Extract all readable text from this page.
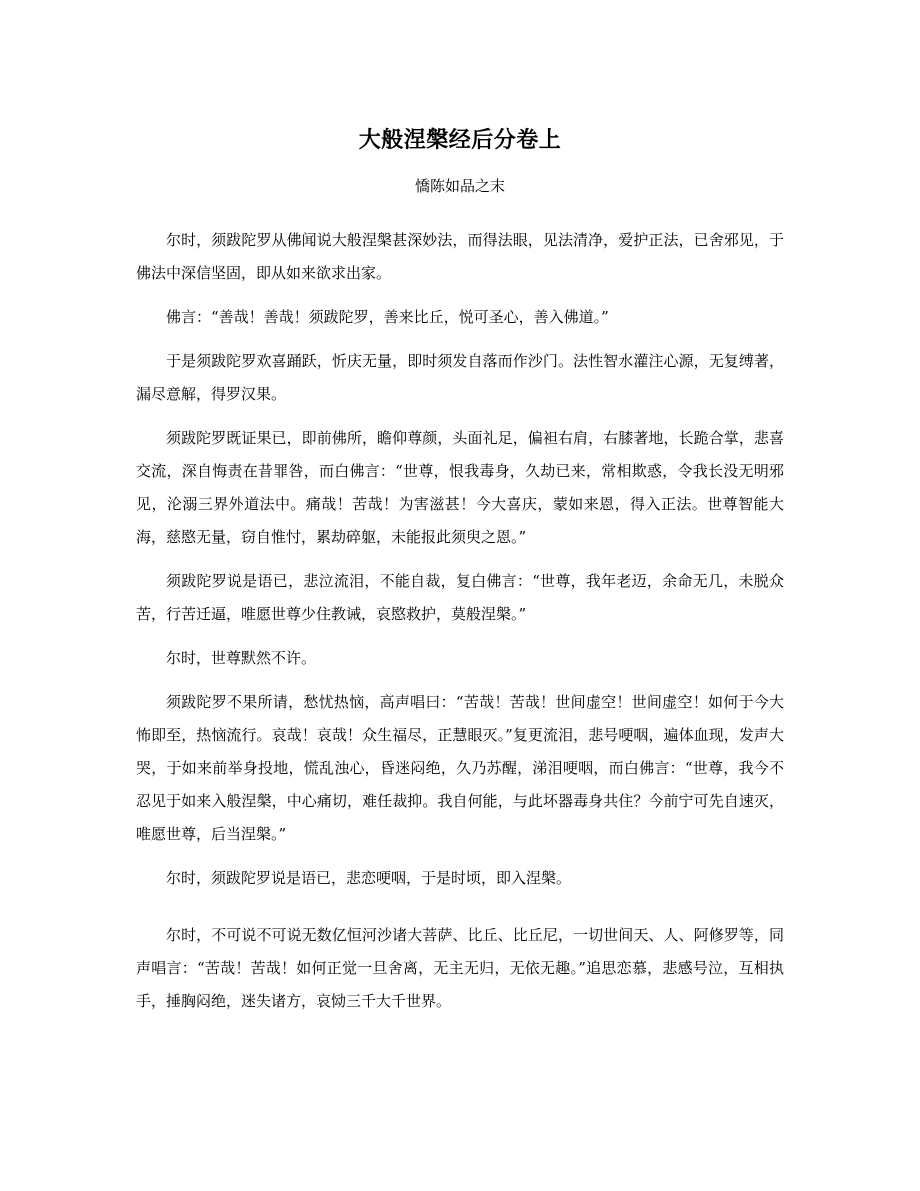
大般涅槃经后分卷上
憍陈如品之末

尔时，须跋陀罗从佛闻说大般涅槃甚深妙法，而得法眼，见法清净，爱护正法，已舍邪见，于佛法中深信坚固，即从如来欲求出家。

佛言：“善哉！善哉！须跋陀罗，善来比丘，悦可圣心，善入佛道。”

于是须跋陀罗欢喜踊跃，忻庆无量，即时须发自落而作沙门。法性智水灌注心源，无复缚著，漏尽意解，得罗汉果。

须跋陀罗既证果已，即前佛所，瞻仰尊颜，头面礼足，偏袒右肩，右膝著地，长跪合掌，悲喜交流，深自悔责在昔罪咎，而白佛言：“世尊，恨我毒身，久劫已来，常相欺惑，令我长没无明邪见，沦溺三界外道法中。痛哉！苦哉！为害滋甚！今大喜庆，蒙如来恩，得入正法。世尊智能大海，慈愍无量，窃自惟忖，累劫碎躯，未能报此须臾之恩。”

须跋陀罗说是语已，悲泣流泪，不能自裁，复白佛言：“世尊，我年老迈，余命无几，未脱众苦，行苦迁逼，唯愿世尊少住教诫，哀愍救护，莫般涅槃。”

尔时，世尊默然不许。

须跋陀罗不果所请，愁忧热恼，高声唱曰：“苦哉！苦哉！世间虚空！世间虚空！如何于今大怖即至，热恼流行。哀哉！哀哉！众生福尽，正慧眼灭。”复更流泪，悲号哽咽，遍体血现，发声大哭，于如来前举身投地，慌乱浊心，昏迷闷绝，久乃苏醒，涕泪哽咽，而白佛言：“世尊，我今不忍见于如来入般涅槃，中心痛切，难任裁抑。我自何能，与此坏器毒身共住？今前宁可先自速灭，唯愿世尊，后当涅槃。”

尔时，须跋陀罗说是语已，悲恋哽咽，于是时顷，即入涅槃。

尔时，不可说不可说无数亿恒河沙诸大菩萨、比丘、比丘尼，一切世间天、人、阿修罗等，同声唱言：“苦哉！苦哉！如何正觉一旦舍离，无主无归，无依无趣。”追思恋慕，悲感号泣，互相执手，捶胸闷绝，迷失诸方，哀恸三千大千世界。
